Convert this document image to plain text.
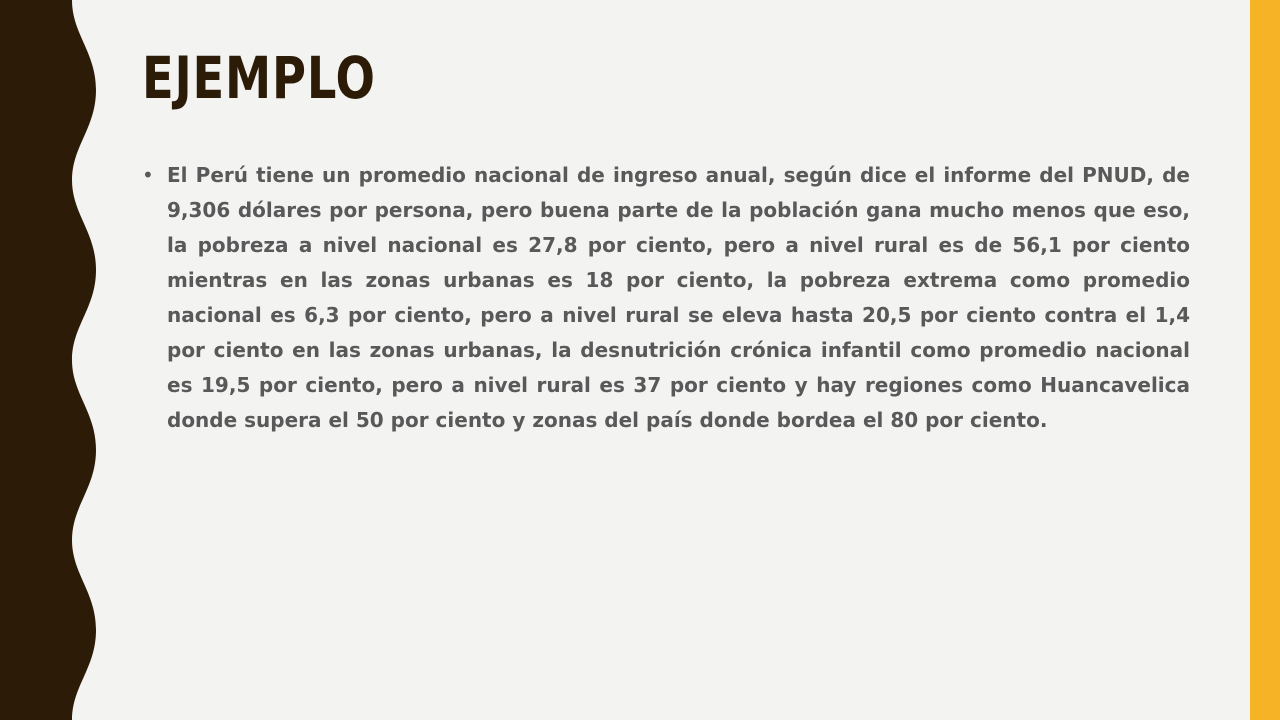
EJEMPLO
• El Perú tiene un promedio nacional de ingreso anual, según dice el informe del PNUD, de 9,306 dólares por persona, pero buena parte de la población gana mucho menos que eso, la pobreza a nivel nacional es 27,8 por ciento, pero a nivel rural es de 56,1 por ciento mientras en las zonas urbanas es 18 por ciento, la pobreza extrema como promedio nacional es 6,3 por ciento, pero a nivel rural se eleva hasta 20,5 por ciento contra el 1,4 por ciento en las zonas urbanas, la desnutrición crónica infantil como promedio nacional es 19,5 por ciento, pero a nivel rural es 37 por ciento y hay regiones como Huancavelica donde supera el 50 por ciento y zonas del país donde bordea el 80 por ciento.
